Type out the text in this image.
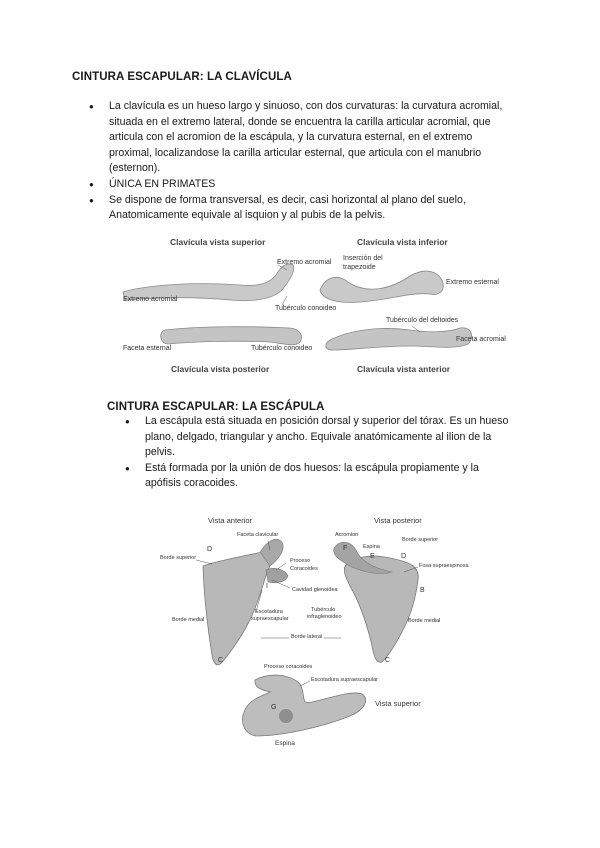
CINTURA ESCAPULAR: LA CLAVÍCULA
● La clavícula es un hueso largo y sinuoso, con dos curvaturas: la curvatura acromial,
situada en el extremo lateral, donde se encuentra la carilla articular acromial, que
articula con el acromion de la escápula, y la curvatura esternal, en el extremo
proximal, localizandose la carilla articular esternal, que articula con el manubrio
(esternon).
● ÚNICA EN PRIMATES
● Se dispone de forma transversal, es decir, casi horizontal al plano del suelo,
Anatomicamente equivale al isquion y al pubis de la pelvis.
Clavícula vista superior	Clavícula vista inferior
Extremo acromial
Inserción del
trapezoide
Extremo esternal
Extremo acromial
Tubérculo conoideo
Tubérculo del deltoides
Faceta esternal	Tubérculo conoideo
Faceta acromial
Clavícula vista posterior	Clavícula vista anterior
CINTURA ESCAPULAR: LA ESCÁPULA
● La escápula está situada en posición dorsal y superior del tórax. Es un hueso
plano, delgado, triangular y ancho. Equivale anatómicamente al ilion de la
pelvis.
● Está formada por la unión de dos huesos: la escápula propiamente y la
apófisis coracoides.
Vista anterior	Vista posterior
Faceta clavicular	Acromion
Espina
Borde superior
D	F
E	D
Borde superior	Proceso
Coracoides	Fosa supraespinosa
Cavidad glenoidea
I
B
Escotadura
supraescapular
Tubérculo
infraglenoideo
Borde medial	Borde medial
Borde lateral
C	C
Proceso coracoides
Escotadura supraescapular
Vista superior
G
Espina
